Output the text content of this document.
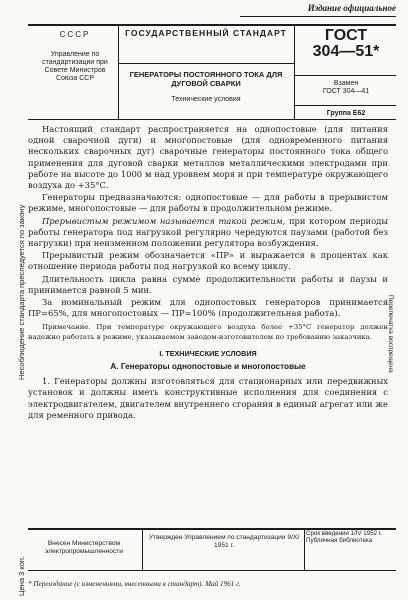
Издание официальное
СССР
Управление по стандартизации при Совете Министров Союза ССР
ГОСУДАРСТВЕННЫЙ СТАНДАРТ
ГЕНЕРАТОРЫ ПОСТОЯННОГО ТОКА ДЛЯ ДУГОВОЙ СВАРКИ
Технические условия
ГОСТ
304—51*
Взамен
ГОСТ 304—41
Группа Е62
Несоблюдение стандарта преследуется по закону
Цена 3 коп.
Перепечатка воспрещена

Настоящий стандарт распространяется на однопостовые (для питания одной сварочной дуги) и многопостовые (для одновременного питания нескольких сварочных дуг) сварочные генераторы постоянного тока общего применения для дуговой сварки металлов металлическими электродами при работе на высоте до 1000 м над уровнем моря и при температуре окружающего воздуха до +35°С.

Генераторы предназначаются: однопостовые — для работы в прерывистом режиме, многопостовые — для работы в продолжительном режиме.

Прерывистым режимом называется такой режим, при котором периоды работы генератора под нагрузкой регулярно чередуются паузами (работой без нагрузки) при неизменном положении регулятора возбуждения.

Прерывистый режим обозначается «ПР» и выражается в процентах как отношение периода работы под нагрузкой ко всему циклу.

Длительность цикла равна сумме продолжительности работы и паузы и принимается равной 5 мин.

За номинальный режим для однопостовых генераторов принимается ПР=65%, для многопостовых — ПР=100% (продолжительная работа).

Примечание. При температуре окружающего воздуха более +35°С генератор должен надежно работать в режиме, указываемом заводом-изготовителем по требованию заказчика.

I. ТЕХНИЧЕСКИЕ УСЛОВИЯ

А. Генераторы однопостовые и многопостовые

1. Генераторы должны изготовляться для стационарных или передвижных установок и должны иметь конструктивные исполнения для соединения с электродвигателем, двигателем внутреннего сгорания в единый агрегат или же для ременного привода.

Внесен Министерством электропромышленности
Утвержден Управлением по стандартизации 9/XI 1951 г.
Срок введения 1/IV 1952 г. Публичная библиотека
* Переиздание (с изменениями, внесенными в стандарт). Май 1961 г.
